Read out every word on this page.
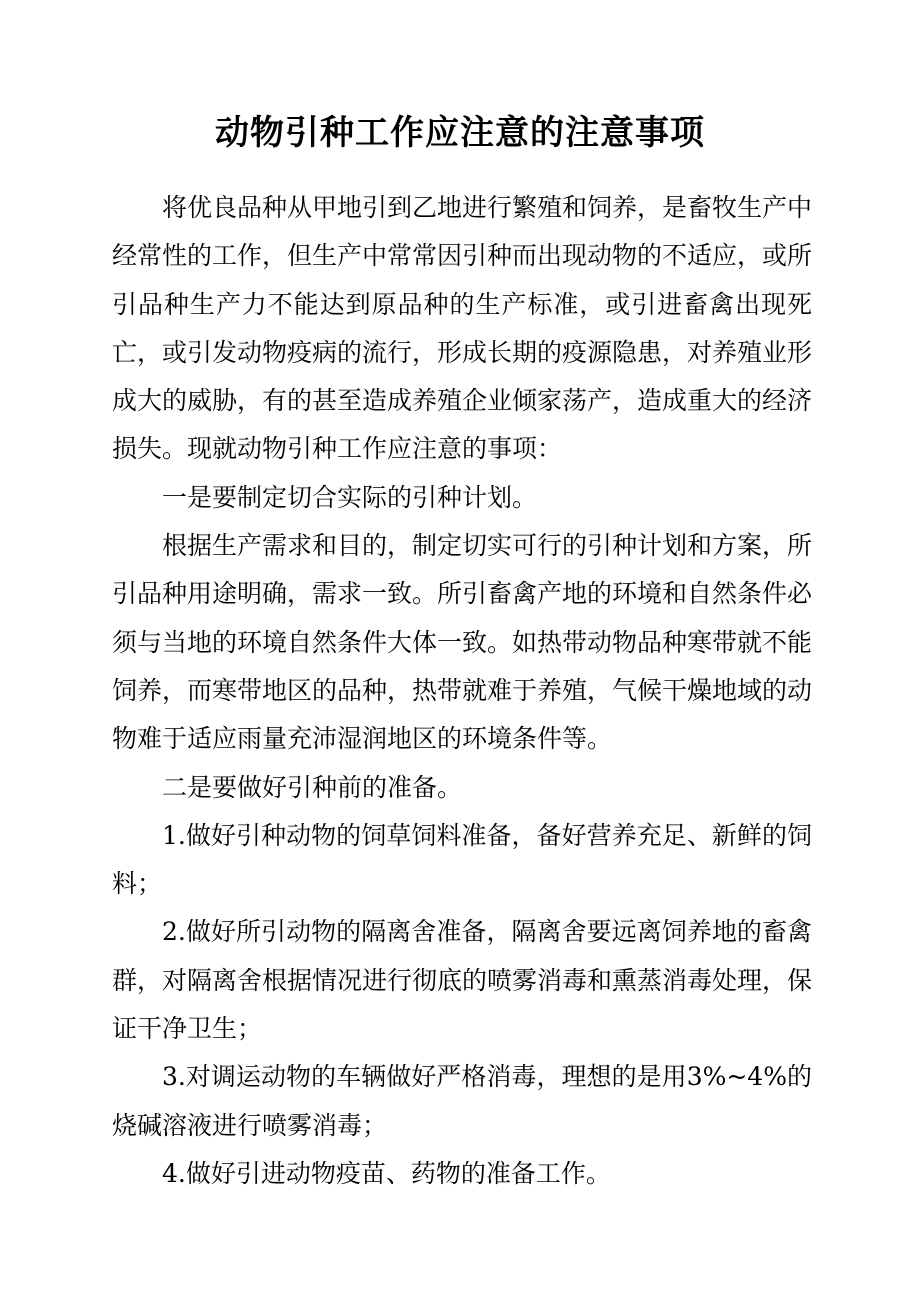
动物引种工作应注意的注意事项

将优良品种从甲地引到乙地进行繁殖和饲养，是畜牧生产中经常性的工作，但生产中常常因引种而出现动物的不适应，或所引品种生产力不能达到原品种的生产标准，或引进畜禽出现死亡，或引发动物疫病的流行，形成长期的疫源隐患，对养殖业形成大的威胁，有的甚至造成养殖企业倾家荡产，造成重大的经济损失。现就动物引种工作应注意的事项：

一是要制定切合实际的引种计划。

根据生产需求和目的，制定切实可行的引种计划和方案，所引品种用途明确，需求一致。所引畜禽产地的环境和自然条件必须与当地的环境自然条件大体一致。如热带动物品种寒带就不能饲养，而寒带地区的品种，热带就难于养殖，气候干燥地域的动物难于适应雨量充沛湿润地区的环境条件等。

二是要做好引种前的准备。

1.做好引种动物的饲草饲料准备，备好营养充足、新鲜的饲料；

2.做好所引动物的隔离舍准备，隔离舍要远离饲养地的畜禽群，对隔离舍根据情况进行彻底的喷雾消毒和熏蒸消毒处理，保证干净卫生；

3.对调运动物的车辆做好严格消毒，理想的是用3%~4%的烧碱溶液进行喷雾消毒；

4.做好引进动物疫苗、药物的准备工作。
